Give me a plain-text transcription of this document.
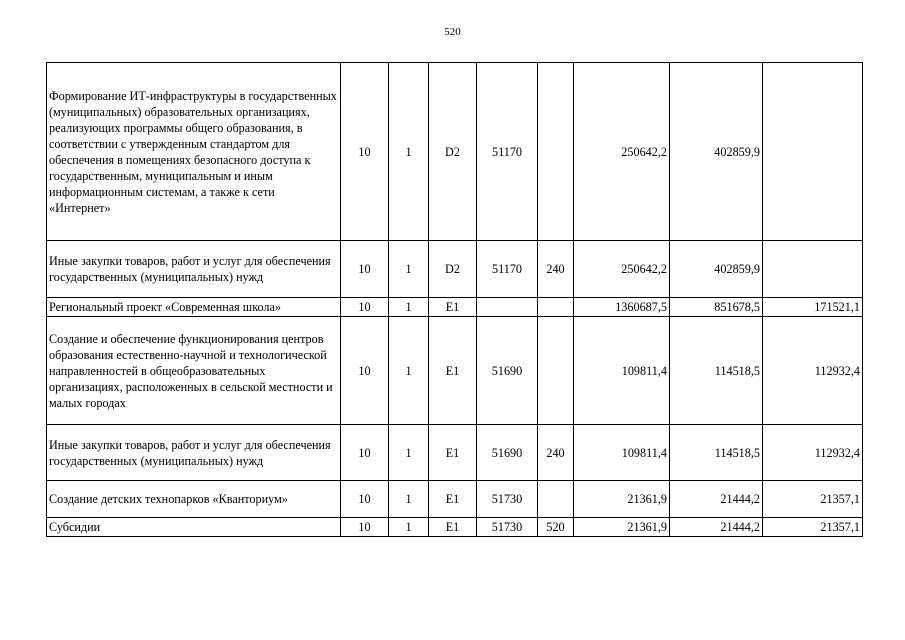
520
Формирование ИТ-инфраструктуры в государственных (муниципальных) образовательных организациях, реализующих программы общего образования, в соответствии с утвержденным стандартом для обеспечения в помещениях безопасного доступа к государственным, муниципальным и иным информационным системам, а также к сети «Интернет»	10	1	D2	51170		250642,2	402859,9	
Иные закупки товаров, работ и услуг для обеспечения государственных (муниципальных) нужд	10	1	D2	51170	240	250642,2	402859,9	
Региональный проект «Современная школа»	10	1	E1			1360687,5	851678,5	171521,1
Создание и обеспечение функционирования центров образования естественно-научной и технологической направленностей в общеобразовательных организациях, расположенных в сельской местности и малых городах	10	1	E1	51690		109811,4	114518,5	112932,4
Иные закупки товаров, работ и услуг для обеспечения государственных (муниципальных) нужд	10	1	E1	51690	240	109811,4	114518,5	112932,4
Создание детских технопарков «Кванториум»	10	1	E1	51730		21361,9	21444,2	21357,1
Субсидии	10	1	E1	51730	520	21361,9	21444,2	21357,1
